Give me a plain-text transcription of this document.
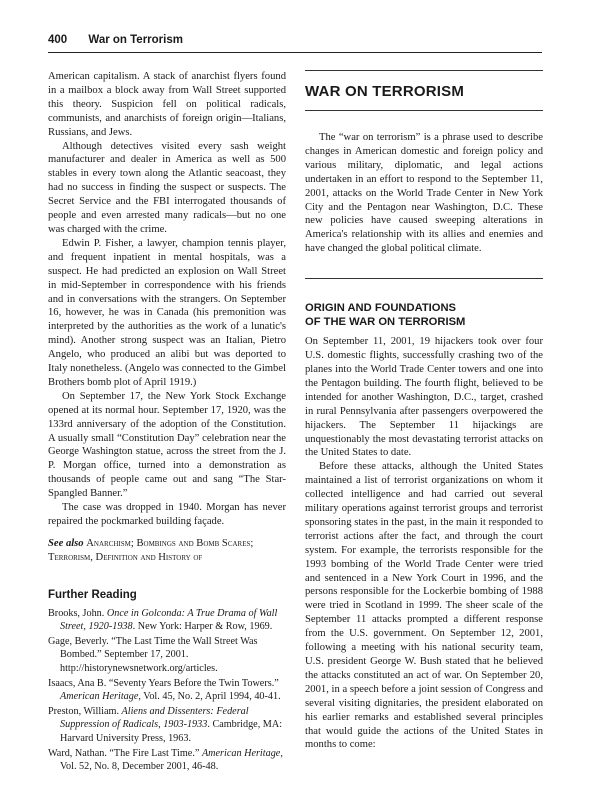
400 War on Terrorism

American capitalism. A stack of anarchist flyers found in a mailbox a block away from Wall Street supported this theory. Suspicion fell on political radicals, communists, and anarchists of foreign origin—Italians, Russians, and Jews.

Although detectives visited every sash weight manufacturer and dealer in America as well as 500 stables in every town along the Atlantic seacoast, they had no success in finding the suspect or suspects. The Secret Service and the FBI interrogated thousands of people and even arrested many radicals—but no one was charged with the crime.

Edwin P. Fisher, a lawyer, champion tennis player, and frequent inpatient in mental hospitals, was a suspect. He had predicted an explosion on Wall Street in mid-September in correspondence with his friends and in conversations with the strangers. On September 16, however, he was in Canada (his premonition was interpreted by the authorities as the work of a lunatic's mind). Another strong suspect was an Italian, Pietro Angelo, who produced an alibi but was deported to Italy nonetheless. (Angelo was connected to the Gimbel Brothers bomb plot of April 1919.)

On September 17, the New York Stock Exchange opened at its normal hour. September 17, 1920, was the 133rd anniversary of the adoption of the Constitution. A usually small “Constitution Day” celebration near the George Washington statue, across the street from the J. P. Morgan office, turned into a demonstration as thousands of people came out and sang “The Star-Spangled Banner.”

The case was dropped in 1940. Morgan has never repaired the pockmarked building façade.

See also Anarchism; Bombings and Bomb Scares; Terrorism, Definition and History of
Further Reading
Brooks, John. Once in Golconda: A True Drama of Wall Street, 1920-1938. New York: Harper & Row, 1969.
Gage, Beverly. “The Last Time the Wall Street Was Bombed.” September 17, 2001. http://historynewsnetwork.org/articles.
Isaacs, Ana B. “Seventy Years Before the Twin Towers.” American Heritage, Vol. 45, No. 2, April 1994, 40-41.
Preston, William. Aliens and Dissenters: Federal Suppression of Radicals, 1903-1933. Cambridge, MA: Harvard University Press, 1963.
Ward, Nathan. “The Fire Last Time.” American Heritage, Vol. 52, No. 8, December 2001, 46-48.
WAR ON TERRORISM

The “war on terrorism” is a phrase used to describe changes in American domestic and foreign policy and various military, diplomatic, and legal actions undertaken in an effort to respond to the September 11, 2001, attacks on the World Trade Center in New York City and the Pentagon near Washington, D.C. These new policies have caused sweeping alterations in America's relationship with its allies and enemies and have changed the global political climate.

ORIGIN AND FOUNDATIONS
OF THE WAR ON TERRORISM

On September 11, 2001, 19 hijackers took over four U.S. domestic flights, successfully crashing two of the planes into the World Trade Center towers and one into the Pentagon building. The fourth flight, believed to be intended for another Washington, D.C., target, crashed in rural Pennsylvania after passengers overpowered the hijackers. The September 11 hijackings are unquestionably the most devastating terrorist attacks on the United States to date.

Before these attacks, although the United States maintained a list of terrorist organizations on whom it collected intelligence and had carried out several military operations against terrorist groups and terrorist sponsoring states in the past, in the main it responded to terrorist actions after the fact, and through the court system. For example, the terrorists responsible for the 1993 bombing of the World Trade Center were tried and sentenced in a New York Court in 1996, and the persons responsible for the Lockerbie bombing of 1988 were tried in Scotland in 1999. The sheer scale of the September 11 attacks prompted a different response from the U.S. government. On September 12, 2001, following a meeting with his national security team, U.S. president George W. Bush stated that he believed the attacks constituted an act of war. On September 20, 2001, in a speech before a joint session of Congress and several visiting dignitaries, the president elaborated on his earlier remarks and established several principles that would guide the actions of the United States in months to come:
